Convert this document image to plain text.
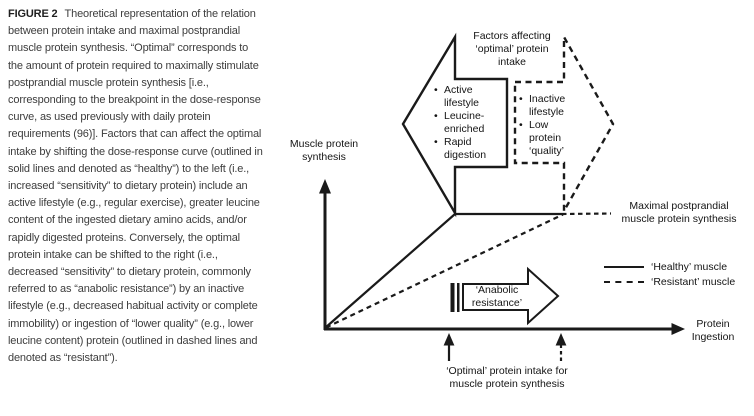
FIGURE 2 Theoretical representation of the relation between protein intake and maximal postprandial muscle protein synthesis. “Optimal” corresponds to the amount of protein required to maximally stimulate postprandial muscle protein synthesis [i.e., corresponding to the breakpoint in the dose-response curve, as used previously with daily protein requirements (96)]. Factors that can affect the optimal intake by shifting the dose-response curve (outlined in solid lines and denoted as “healthy”) to the left (i.e., increased “sensitivity” to dietary protein) include an active lifestyle (e.g., regular exercise), greater leucine content of the ingested dietary amino acids, and/or rapidly digested proteins. Conversely, the optimal protein intake can be shifted to the right (i.e., decreased “sensitivity” to dietary protein, commonly referred to as “anabolic resistance”) by an inactive lifestyle (e.g., decreased habitual activity or complete immobility) or ingestion of “lower quality” (e.g., lower leucine content) protein (outlined in dashed lines and denoted as “resistant”).

Factors affecting ‘optimal’ protein intake
• Active lifestyle
• Leucine-enriched
• Rapid digestion
• Inactive lifestyle
• Low protein ‘quality’
Muscle protein synthesis
Maximal postprandial muscle protein synthesis
‘Healthy’ muscle
‘Resistant’ muscle
‘Anabolic resistance’
Protein Ingestion
‘Optimal’ protein intake for muscle protein synthesis
